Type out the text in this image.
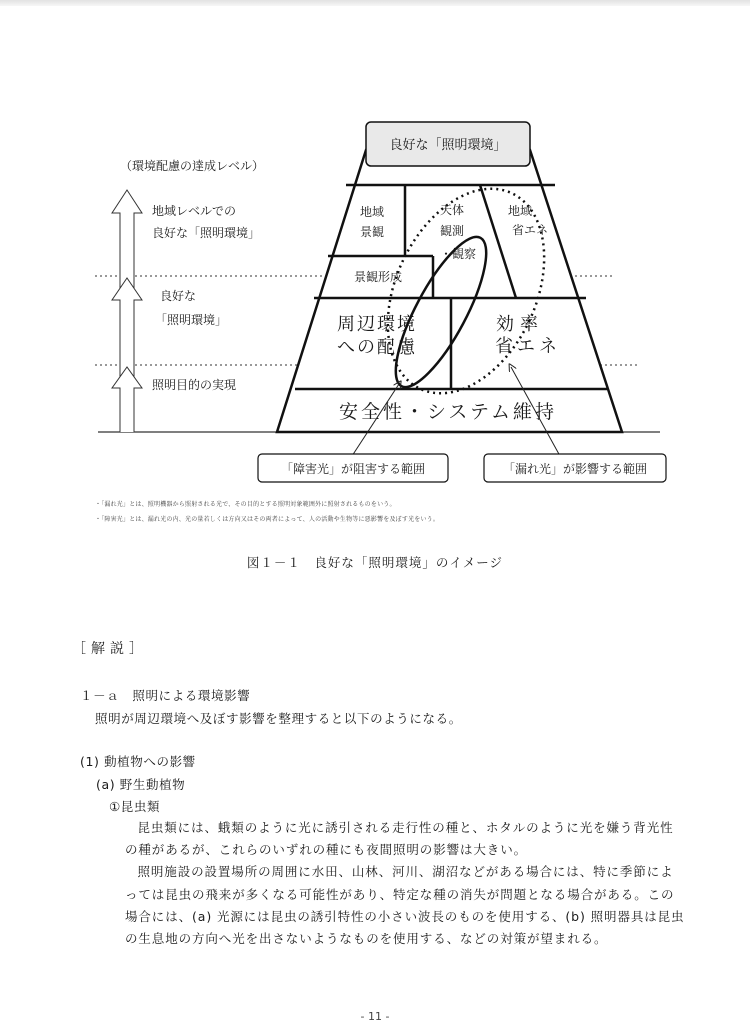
（環境配慮の達成レベル）
地域レベルでの
良好な「照明環境」
良好な
「照明環境」
照明目的の実現
良好な「照明環境」
地域
景観
天体
観測
・観察
地域
省エネ
景観形成
周辺環境
への配慮
効率
省エネ
安全性・システム維持
「障害光」が阻害する範囲	「漏れ光」が影響する範囲
・「漏れ光」とは、照明機器から照射される光で、その目的とする照明対象範囲外に照射されるものをいう。
・「障害光」とは、漏れ光の内、光の量若しくは方向又はその両者によって、人の活動や生物等に悪影響を及ぼす光をいう。
図１－１　良好な「照明環境」のイメージ
［解説］
１－ａ　照明による環境影響
照明が周辺環境へ及ぼす影響を整理すると以下のようになる。
(1) 動植物への影響
(a) 野生動植物
①昆虫類

昆虫類には、蛾類のように光に誘引される走行性の種と、ホタルのように光を嫌う背光性の種があるが、これらのいずれの種にも夜間照明の影響は大きい。

照明施設の設置場所の周囲に水田、山林、河川、湖沼などがある場合には、特に季節によっては昆虫の飛来が多くなる可能性があり、特定な種の消失が問題となる場合がある。この場合には、(a) 光源には昆虫の誘引特性の小さい波長のものを使用する、(b) 照明器具は昆虫の生息地の方向へ光を出さないようなものを使用する、などの対策が望まれる。

- 11 -
